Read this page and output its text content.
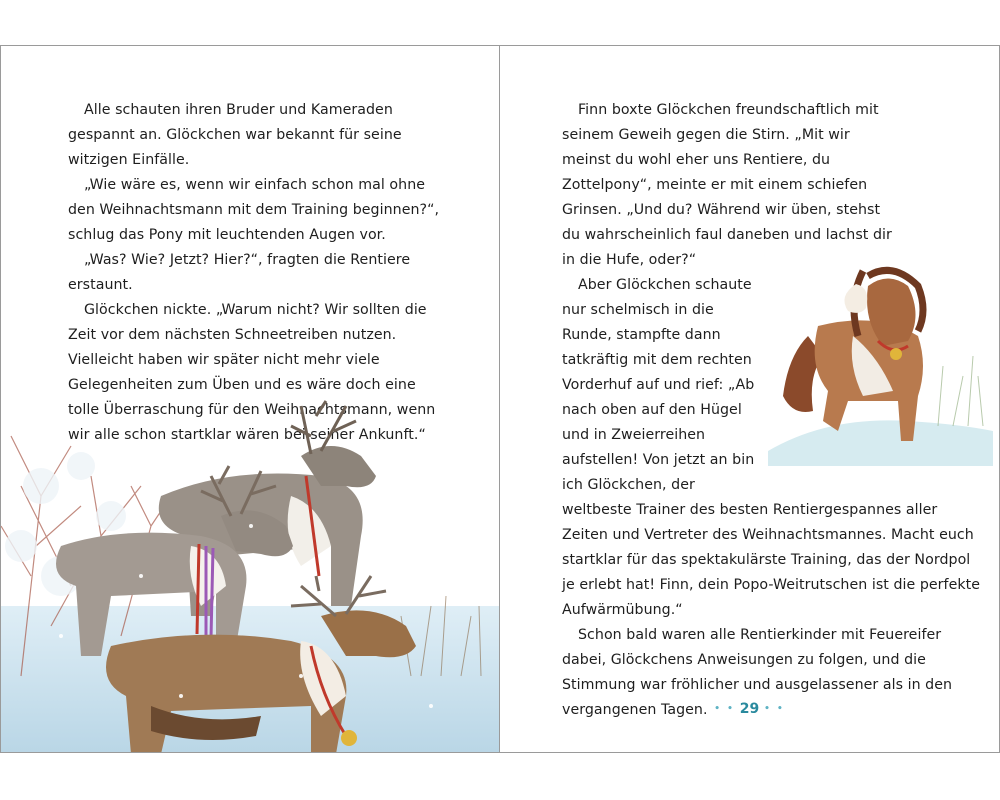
Alle schauten ihren Bruder und Kameraden gespannt an. Glöckchen war bekannt für seine witzigen Einfälle.

„Wie wäre es, wenn wir einfach schon mal ohne den Weihnachtsmann mit dem Training beginnen?“, schlug das Pony mit leuchtenden Augen vor.

„Was? Wie? Jetzt? Hier?“, fragten die Rentiere erstaunt.

Glöckchen nickte. „Warum nicht? Wir sollten die Zeit vor dem nächsten Schneetreiben nutzen. Vielleicht haben wir später nicht mehr viele Gelegenheiten zum Üben und es wäre doch eine tolle Überraschung für den Weihnachtsmann, wenn wir alle schon startklar wären bei seiner Ankunft.“

Finn boxte Glöckchen freundschaftlich mit seinem Geweih gegen die Stirn. „Mit wir meinst du wohl eher uns Rentiere, du Zottelpony“, meinte er mit einem schiefen Grinsen. „Und du? Während wir üben, stehst du wahrscheinlich faul daneben und lachst dir in die Hufe, oder?“

Aber Glöckchen schaute nur schelmisch in die Runde, stampfte dann tatkräftig mit dem rechten Vorderhuf auf und rief: „Ab nach oben auf den Hügel und in Zweierreihen aufstellen! Von jetzt an bin ich Glöckchen, der

weltbeste Trainer des besten Rentiergespannes aller Zeiten und Vertreter des Weihnachtsmannes. Macht euch startklar für das spektakulärste Training, das der Nordpol je erlebt hat! Finn, dein Popo-Weitrutschen ist die perfekte Aufwärmübung.“

Schon bald waren alle Rentierkinder mit Feuereifer dabei, Glöckchens Anweisungen zu folgen, und die Stimmung war fröhlicher und ausgelassener als in den vergangenen Tagen. • • 29 • •
